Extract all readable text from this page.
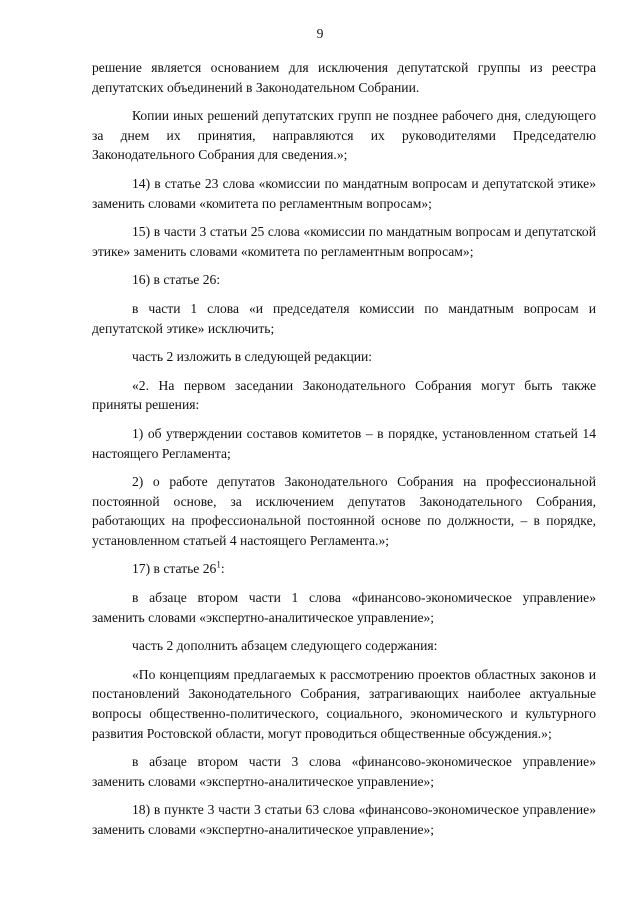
9

решение является основанием для исключения депутатской группы из реестра депутатских объединений в Законодательном Собрании.

Копии иных решений депутатских групп не позднее рабочего дня, следующего за днем их принятия, направляются их руководителями Председателю Законодательного Собрания для сведения.»;

14) в статье 23 слова «комиссии по мандатным вопросам и депутатской этике» заменить словами «комитета по регламентным вопросам»;

15) в части 3 статьи 25 слова «комиссии по мандатным вопросам и депутатской этике» заменить словами «комитета по регламентным вопросам»;

16) в статье 26:

в части 1 слова «и председателя комиссии по мандатным вопросам и депутатской этике» исключить;

часть 2 изложить в следующей редакции:

«2. На первом заседании Законодательного Собрания могут быть также приняты решения:

1) об утверждении составов комитетов – в порядке, установленном статьей 14 настоящего Регламента;

2) о работе депутатов Законодательного Собрания на профессиональной постоянной основе, за исключением депутатов Законодательного Собрания, работающих на профессиональной постоянной основе по должности, – в порядке, установленном статьей 4 настоящего Регламента.»;

17) в статье $26^1$:

в абзаце втором части 1 слова «финансово-экономическое управление» заменить словами «экспертно-аналитическое управление»;

часть 2 дополнить абзацем следующего содержания:

«По концепциям предлагаемых к рассмотрению проектов областных законов и постановлений Законодательного Собрания, затрагивающих наиболее актуальные вопросы общественно-политического, социального, экономического и культурного развития Ростовской области, могут проводиться общественные обсуждения.»;

в абзаце втором части 3 слова «финансово-экономическое управление» заменить словами «экспертно-аналитическое управление»;

18) в пункте 3 части 3 статьи 63 слова «финансово-экономическое управление» заменить словами «экспертно-аналитическое управление»;
